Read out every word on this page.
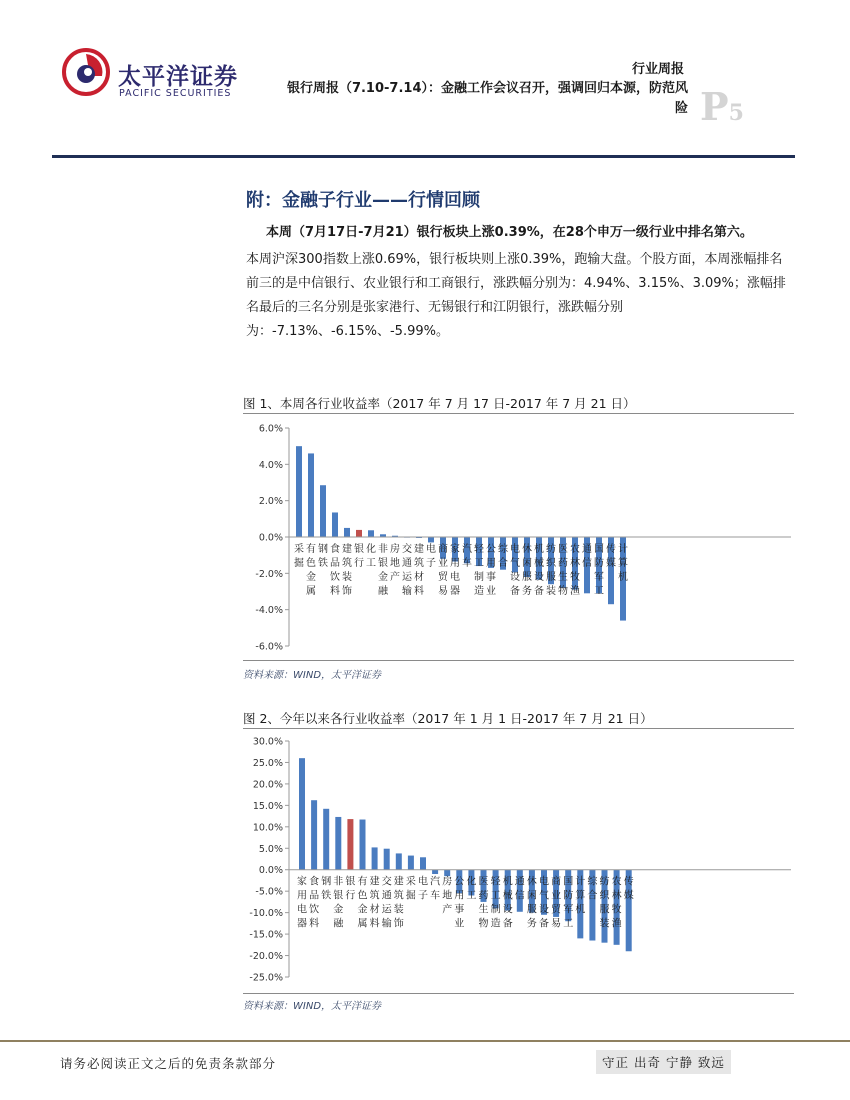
太平洋证券
PACIFIC SECURITIES
行业周报
银行周报（7.10-7.14）：金融工作会议召开，强调回归本源，防范风险 P5
附：金融子行业——行情回顾
本周（7月17日-7月21）银行板块上涨0.39%，在28个申万一级行业中排名第六。
本周沪深300指数上涨0.69%，银行板块则上涨0.39%，跑输大盘。个股方面，本周涨幅排名前三的是中信银行、农业银行和工商银行，涨跌幅分别为：4.94%、3.15%、3.09%；涨幅排名最后的三名分别是张家港行、无锡银行和江阴银行，涨跌幅分别为：-7.13%、-6.15%、-5.99%。
图 1、本周各行业收益率（2017 年 7 月 17 日-2017 年 7 月 21 日）
6.0%
4.0%
2.0%
0.0%
-2.0%
-4.0%
-6.0%
采掘
有色金属
钢铁
食品饮料
建筑装饰
银行
化工
非银金融
房地产
交通运输
建筑材料
电子
商业贸易
家用电器
汽车
轻工制造
公用事业
综合
电气设备
休闲服务
机械设备
纺织服装
医药生物
农林牧渔
通信
国防军工
传媒
计算机
资料来源：WIND，太平洋证券
图 2、今年以来各行业收益率（2017 年 1 月 1 日-2017 年 7 月 21 日）
30.0%
25.0%
20.0%
15.0%
10.0%
5.0%
0.0%
-5.0%
-10.0%
-15.0%
-20.0%
-25.0%
家用电器
食品饮料
钢铁
非银金融
银行
有色金属
建筑材料
交通运输
建筑装饰
采掘
电子
汽车
房地产
公用事业
化工
医药生物
轻工制造
机械设备
通信
休闲服务
电气设备
商业贸易
国防军工
计算机
综合
纺织服装
农林牧渔
传媒
资料来源：WIND，太平洋证券
请务必阅读正文之后的免责条款部分	守正 出奇 宁静 致远
